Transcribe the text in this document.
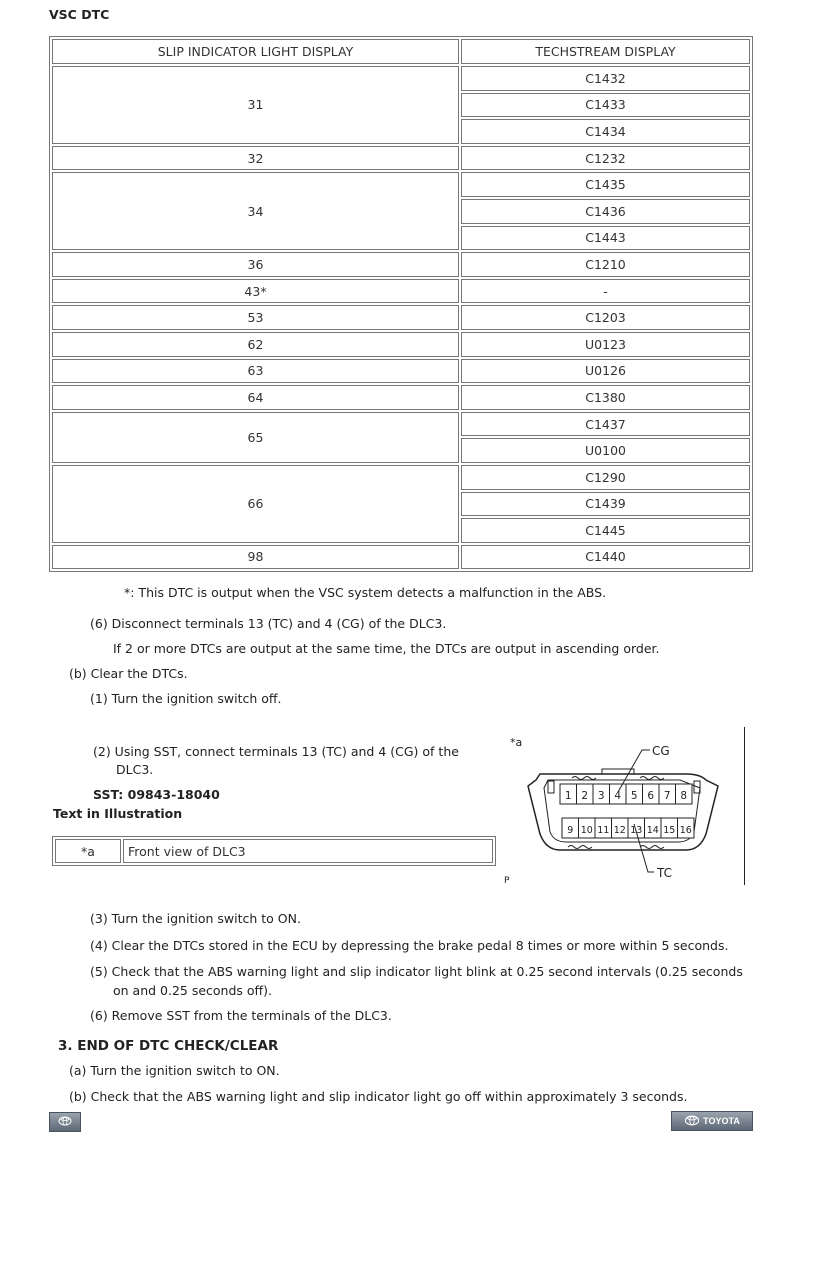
VSC DTC
SLIP INDICATOR LIGHT DISPLAY	TECHSTREAM DISPLAY
31	C1432
	C1433
	C1434
32	C1232
34	C1435
	C1436
	C1443
36	C1210
43*	-
53	C1203
62	U0123
63	U0126
64	C1380
65	C1437
	U0100
66	C1290
	C1439
	C1445
98	C1440
*: This DTC is output when the VSC system detects a malfunction in the ABS.
(6) Disconnect terminals 13 (TC) and 4 (CG) of the DLC3.
If 2 or more DTCs are output at the same time, the DTCs are output in ascending order.
(b) Clear the DTCs.
(1) Turn the ignition switch off.
(2) Using SST, connect terminals 13 (TC) and 4 (CG) of the
DLC3.
SST: 09843-18040
Text in Illustration
*a	Front view of DLC3
*a
CG
TC
P
1 2 3 4 5 6 7 8
9 10 11 12 13 14 15 16
(3) Turn the ignition switch to ON.
(4) Clear the DTCs stored in the ECU by depressing the brake pedal 8 times or more within 5 seconds.
(5) Check that the ABS warning light and slip indicator light blink at 0.25 second intervals (0.25 seconds
on and 0.25 seconds off).
(6) Remove SST from the terminals of the DLC3.
3. END OF DTC CHECK/CLEAR
(a) Turn the ignition switch to ON.
(b) Check that the ABS warning light and slip indicator light go off within approximately 3 seconds.
TOYOTA
